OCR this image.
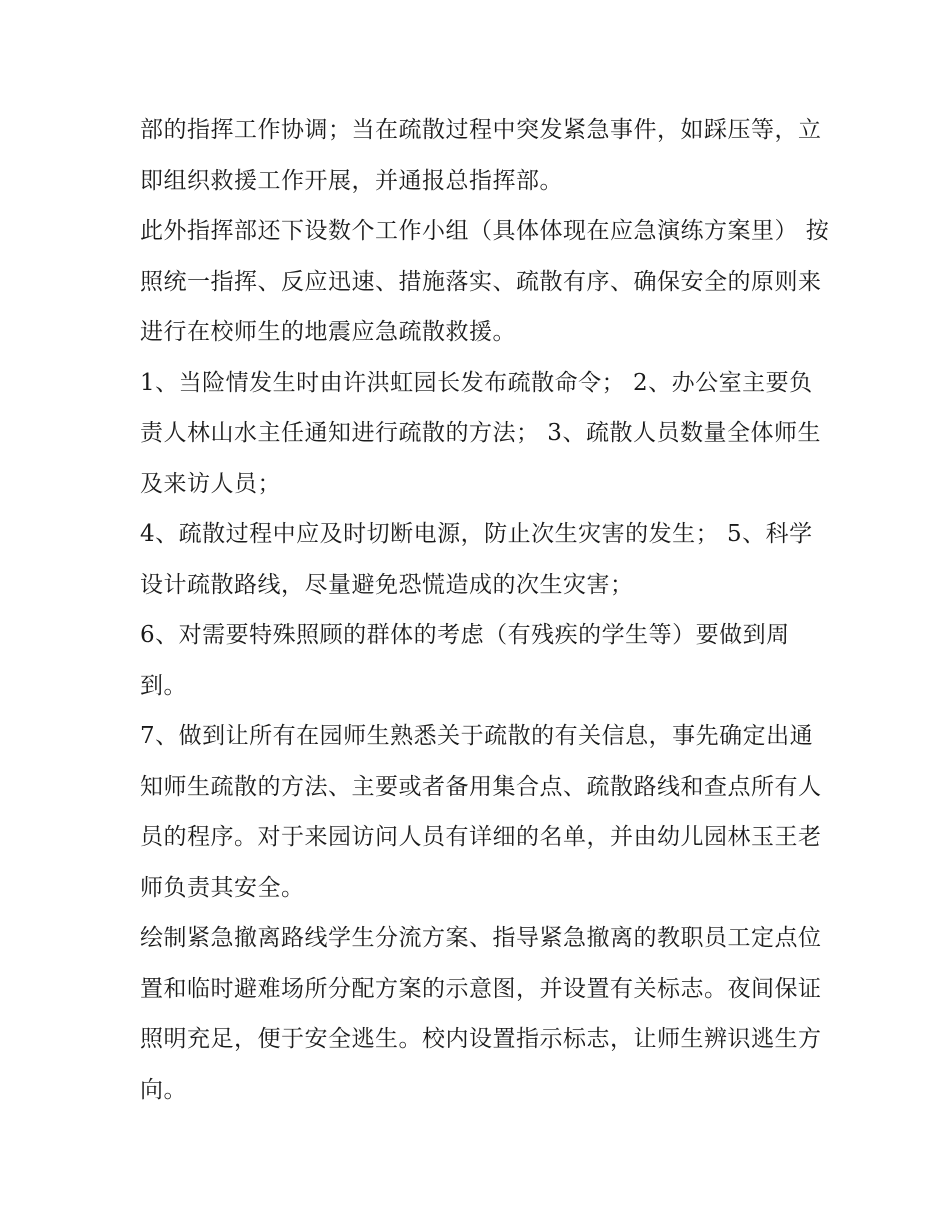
部的指挥工作协调；当在疏散过程中突发紧急事件，如踩压等，立即组织救援工作开展，并通报总指挥部。

此外指挥部还下设数个工作小组（具体体现在应急演练方案里） 按照统一指挥、反应迅速、措施落实、疏散有序、确保安全的原则来进行在校师生的地震应急疏散救援。

1、当险情发生时由许洪虹园长发布疏散命令； 2、办公室主要负责人林山水主任通知进行疏散的方法； 3、疏散人员数量全体师生及来访人员；

4、疏散过程中应及时切断电源，防止次生灾害的发生； 5、科学设计疏散路线，尽量避免恐慌造成的次生灾害；

6、对需要特殊照顾的群体的考虑（有残疾的学生等）要做到周到。

7、做到让所有在园师生熟悉关于疏散的有关信息，事先确定出通知师生疏散的方法、主要或者备用集合点、疏散路线和查点所有人员的程序。对于来园访问人员有详细的名单，并由幼儿园林玉王老师负责其安全。

绘制紧急撤离路线学生分流方案、指导紧急撤离的教职员工定点位置和临时避难场所分配方案的示意图，并设置有关标志。夜间保证照明充足，便于安全逃生。校内设置指示标志，让师生辨识逃生方向。
